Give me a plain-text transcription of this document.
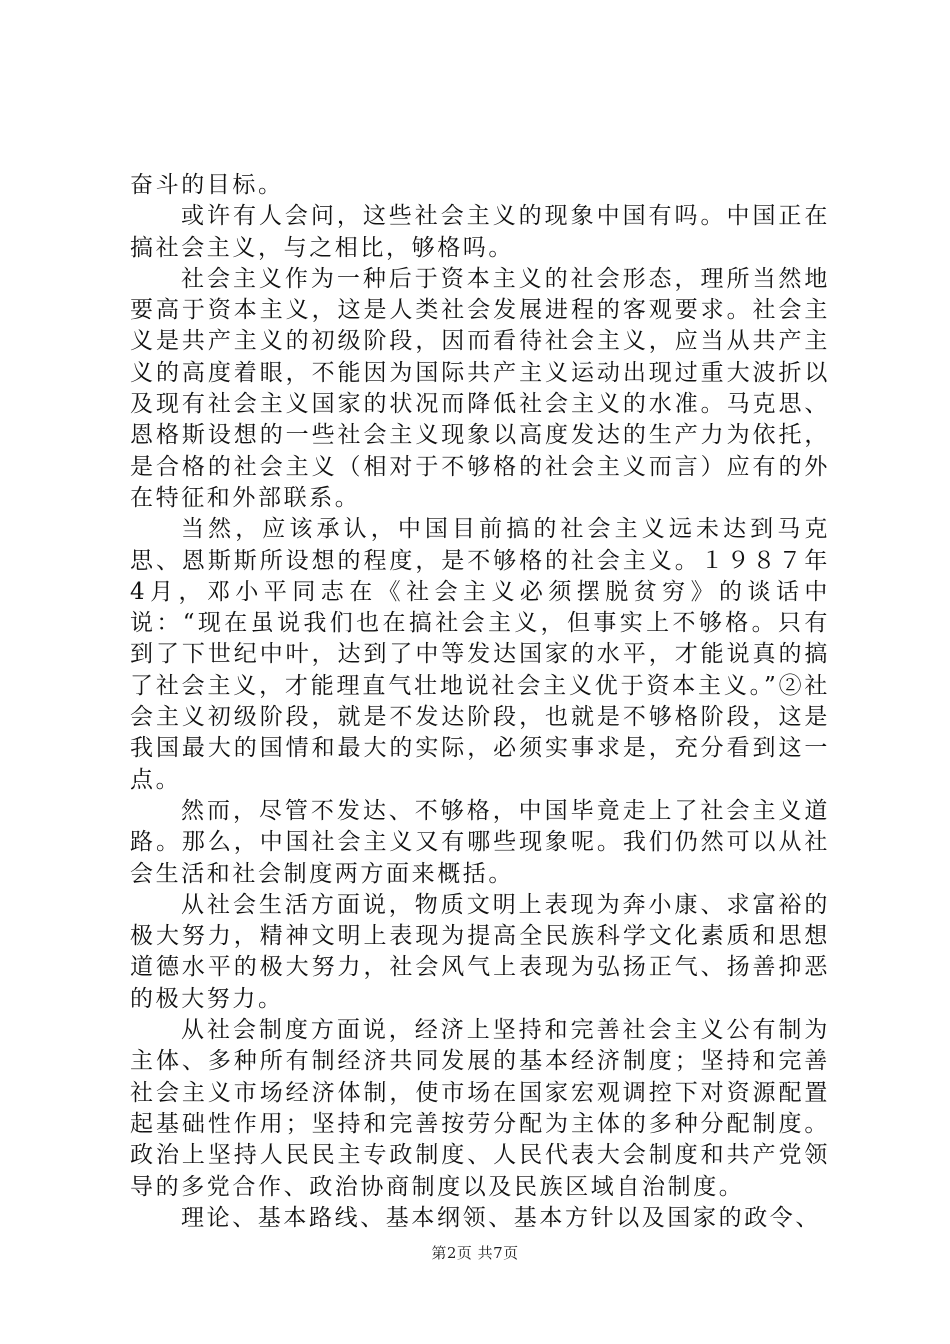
奋斗的目标。

或许有人会问，这些社会主义的现象中国有吗。中国正在搞社会主义，与之相比，够格吗。

社会主义作为一种后于资本主义的社会形态，理所当然地要高于资本主义，这是人类社会发展进程的客观要求。社会主义是共产主义的初级阶段，因而看待社会主义，应当从共产主义的高度着眼，不能因为国际共产主义运动出现过重大波折以及现有社会主义国家的状况而降低社会主义的水准。马克思、恩格斯设想的一些社会主义现象以高度发达的生产力为依托，是合格的社会主义（相对于不够格的社会主义而言）应有的外在特征和外部联系。

当然，应该承认，中国目前搞的社会主义远未达到马克思、恩斯斯所设想的程度，是不够格的社会主义。１９８７年4月，邓小平同志在《社会主义必须摆脱贫穷》的谈话中说：“现在虽说我们也在搞社会主义，但事实上不够格。只有到了下世纪中叶，达到了中等发达国家的水平，才能说真的搞了社会主义，才能理直气壮地说社会主义优于资本主义。”②社会主义初级阶段，就是不发达阶段，也就是不够格阶段，这是我国最大的国情和最大的实际，必须实事求是，充分看到这一点。

然而，尽管不发达、不够格，中国毕竟走上了社会主义道路。那么，中国社会主义又有哪些现象呢。我们仍然可以从社会生活和社会制度两方面来概括。

从社会生活方面说，物质文明上表现为奔小康、求富裕的极大努力，精神文明上表现为提高全民族科学文化素质和思想道德水平的极大努力，社会风气上表现为弘扬正气、扬善抑恶的极大努力。

从社会制度方面说，经济上坚持和完善社会主义公有制为主体、多种所有制经济共同发展的基本经济制度；坚持和完善社会主义市场经济体制，使市场在国家宏观调控下对资源配置起基础性作用；坚持和完善按劳分配为主体的多种分配制度。政治上坚持人民民主专政制度、人民代表大会制度和共产党领导的多党合作、政治协商制度以及民族区域自治制度。

理论、基本路线、基本纲领、基本方针以及国家的政令、

第2页 共7页
